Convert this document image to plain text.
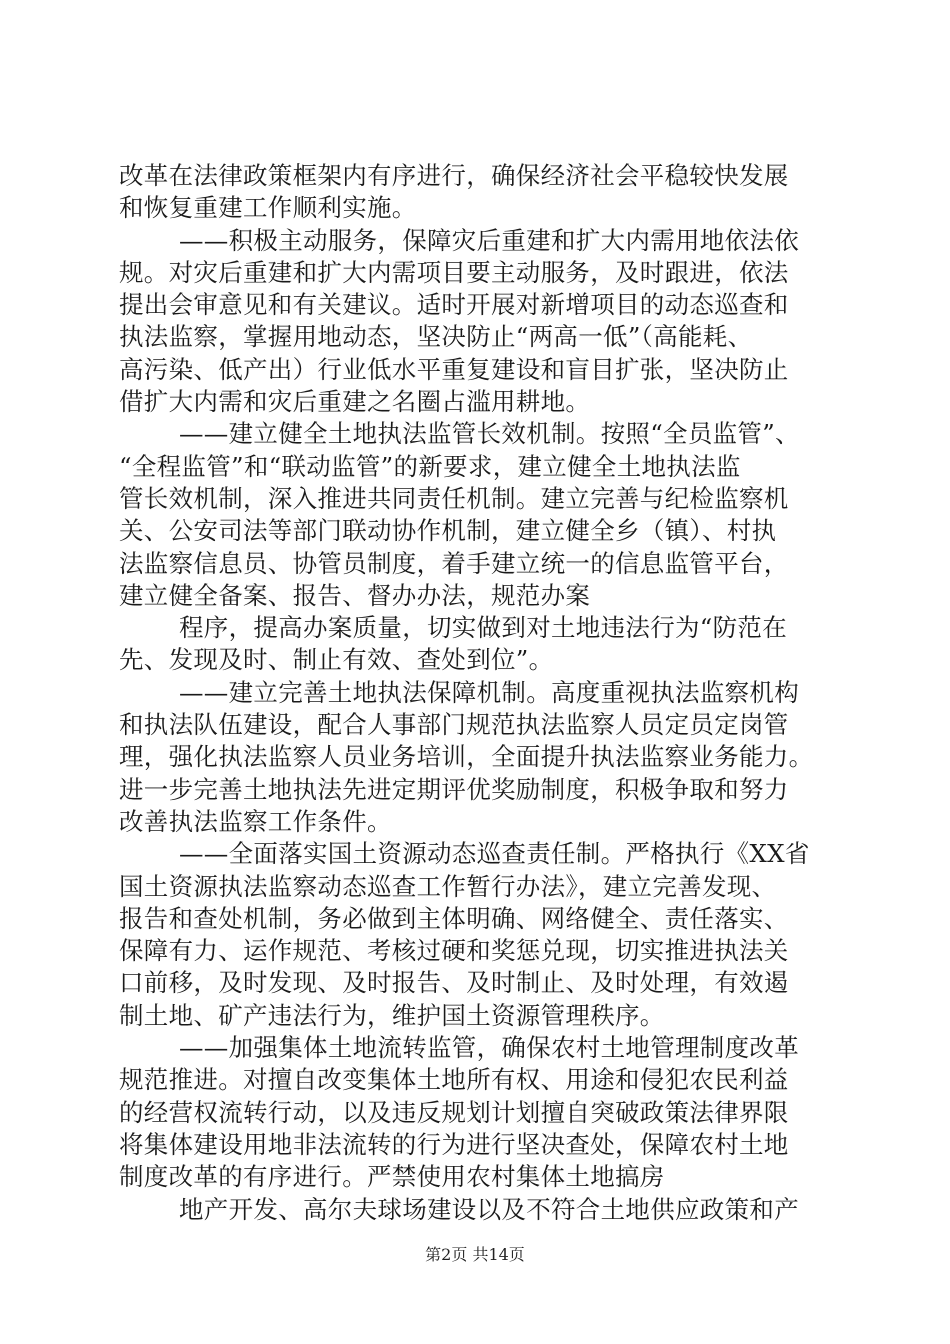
改革在法律政策框架内有序进行，确保经济社会平稳较快发展

和恢复重建工作顺利实施。

——积极主动服务，保障灾后重建和扩大内需用地依法依

规。对灾后重建和扩大内需项目要主动服务，及时跟进，依法

提出会审意见和有关建议。适时开展对新增项目的动态巡查和

执法监察，掌握用地动态，坚决防止“两高一低”（高能耗、

高污染、低产出）行业低水平重复建设和盲目扩张，坚决防止

借扩大内需和灾后重建之名圈占滥用耕地。

——建立健全土地执法监管长效机制。按照“全员监管”、

“全程监管”和“联动监管”的新要求，建立健全土地执法监

管长效机制，深入推进共同责任机制。建立完善与纪检监察机

关、公安司法等部门联动协作机制，建立健全乡（镇）、村执

法监察信息员、协管员制度，着手建立统一的信息监管平台，

建立健全备案、报告、督办办法，规范办案

程序，提高办案质量，切实做到对土地违法行为“防范在

先、发现及时、制止有效、查处到位”。

——建立完善土地执法保障机制。高度重视执法监察机构

和执法队伍建设，配合人事部门规范执法监察人员定员定岗管

理，强化执法监察人员业务培训，全面提升执法监察业务能力。

进一步完善土地执法先进定期评优奖励制度，积极争取和努力

改善执法监察工作条件。

——全面落实国土资源动态巡查责任制。严格执行《XX省

国土资源执法监察动态巡查工作暂行办法》，建立完善发现、

报告和查处机制，务必做到主体明确、网络健全、责任落实、

保障有力、运作规范、考核过硬和奖惩兑现，切实推进执法关

口前移，及时发现、及时报告、及时制止、及时处理，有效遏

制土地、矿产违法行为，维护国土资源管理秩序。

——加强集体土地流转监管，确保农村土地管理制度改革

规范推进。对擅自改变集体土地所有权、用途和侵犯农民利益

的经营权流转行动，以及违反规划计划擅自突破政策法律界限

将集体建设用地非法流转的行为进行坚决查处，保障农村土地

制度改革的有序进行。严禁使用农村集体土地搞房

地产开发、高尔夫球场建设以及不符合土地供应政策和产

第2页 共14页
